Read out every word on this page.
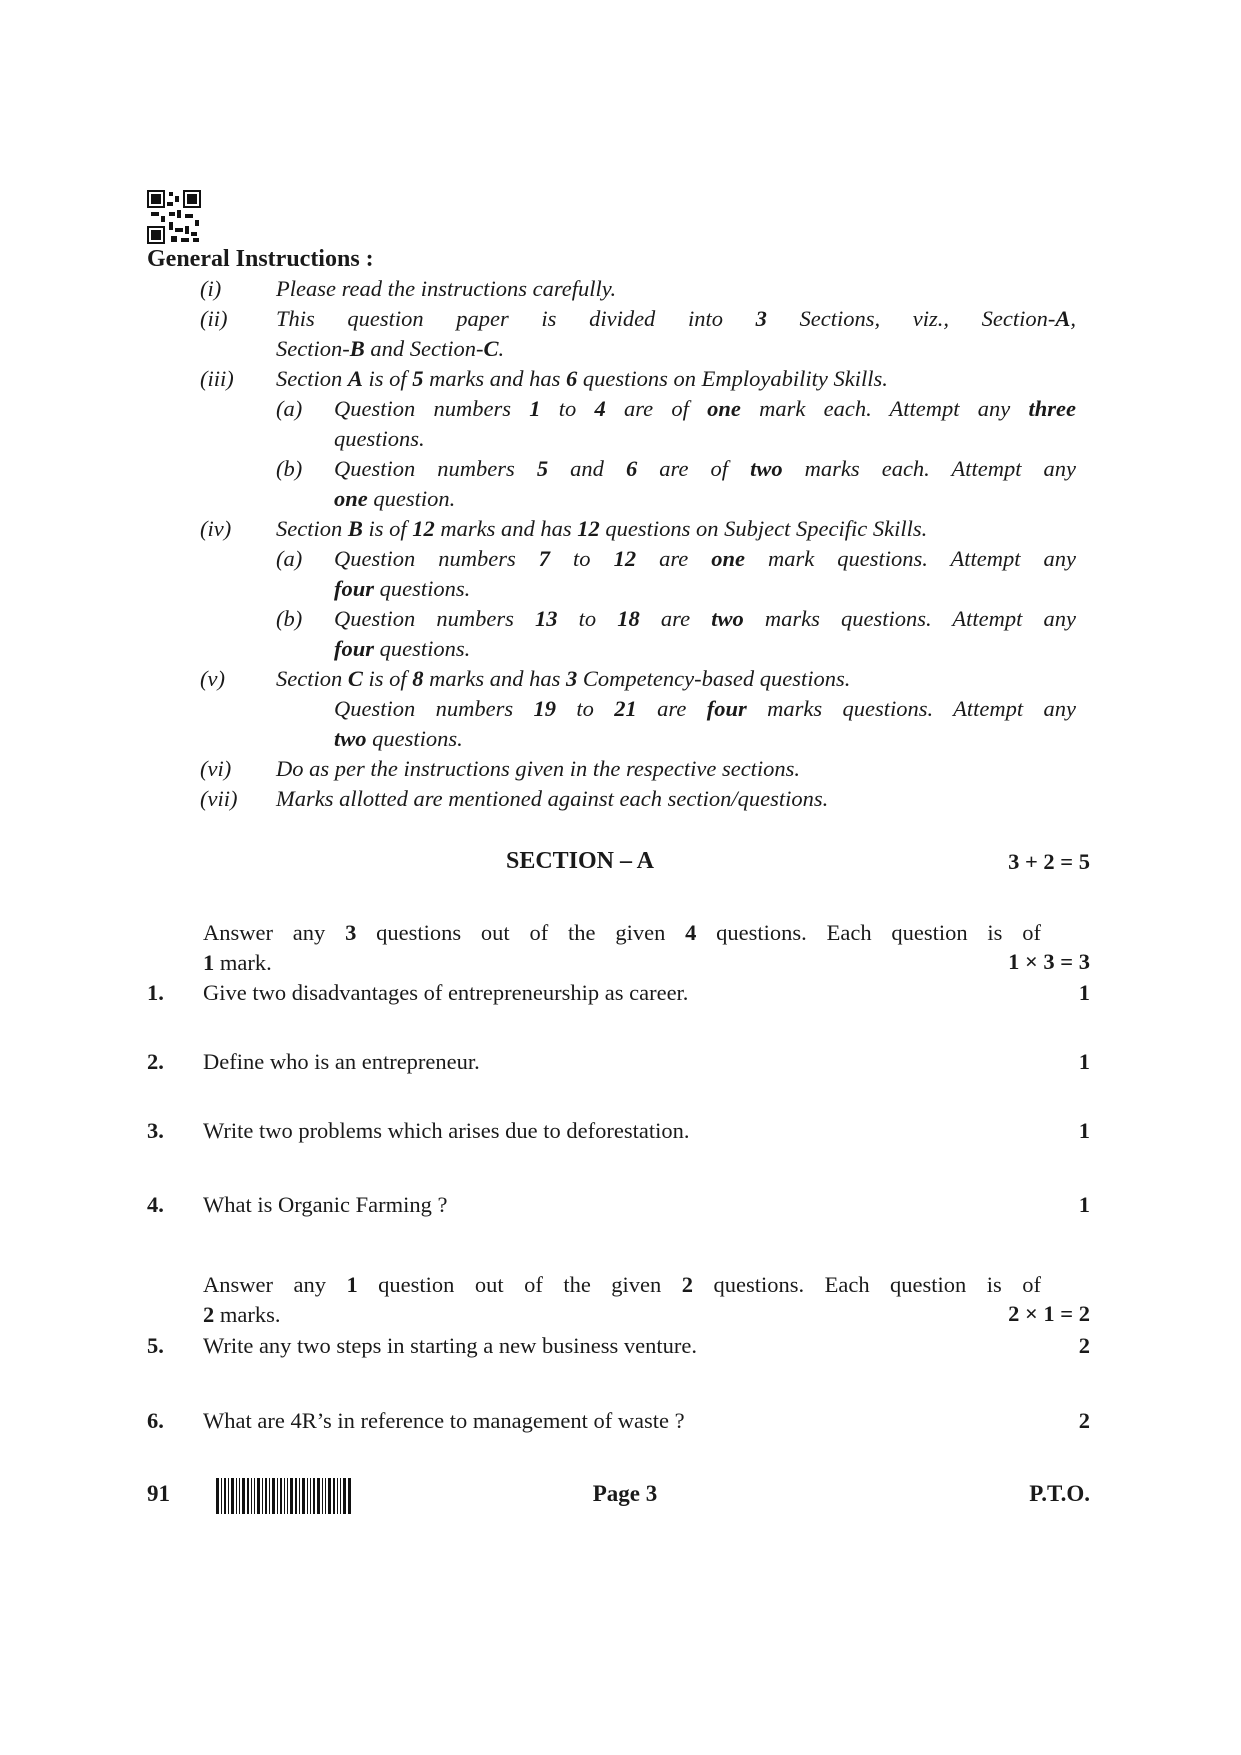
General Instructions :
(i) Please read the instructions carefully.
(ii) This question paper is divided into 3 Sections, viz., Section-A,
Section-B and Section-C.
(iii) Section A is of 5 marks and has 6 questions on Employability Skills.
(a) Question numbers 1 to 4 are of one mark each. Attempt any three
questions.
(b) Question numbers 5 and 6 are of two marks each. Attempt any
one question.
(iv) Section B is of 12 marks and has 12 questions on Subject Specific Skills.
(a) Question numbers 7 to 12 are one mark questions. Attempt any
four questions.
(b) Question numbers 13 to 18 are two marks questions. Attempt any
four questions.
(v) Section C is of 8 marks and has 3 Competency-based questions.
Question numbers 19 to 21 are four marks questions. Attempt any
two questions.
(vi) Do as per the instructions given in the respective sections.
(vii) Marks allotted are mentioned against each section/questions.
SECTION – A	3 + 2 = 5
Answer any 3 questions out of the given 4 questions. Each question is of
1 mark.	1 × 3 = 3
1. Give two disadvantages of entrepreneurship as career.	1
2. Define who is an entrepreneur.	1
3. Write two problems which arises due to deforestation.	1
4. What is Organic Farming ?	1
Answer any 1 question out of the given 2 questions. Each question is of
2 marks.	2 × 1 = 2
5. Write any two steps in starting a new business venture.	2
6. What are 4R’s in reference to management of waste ?	2
91	Page 3	P.T.O.
